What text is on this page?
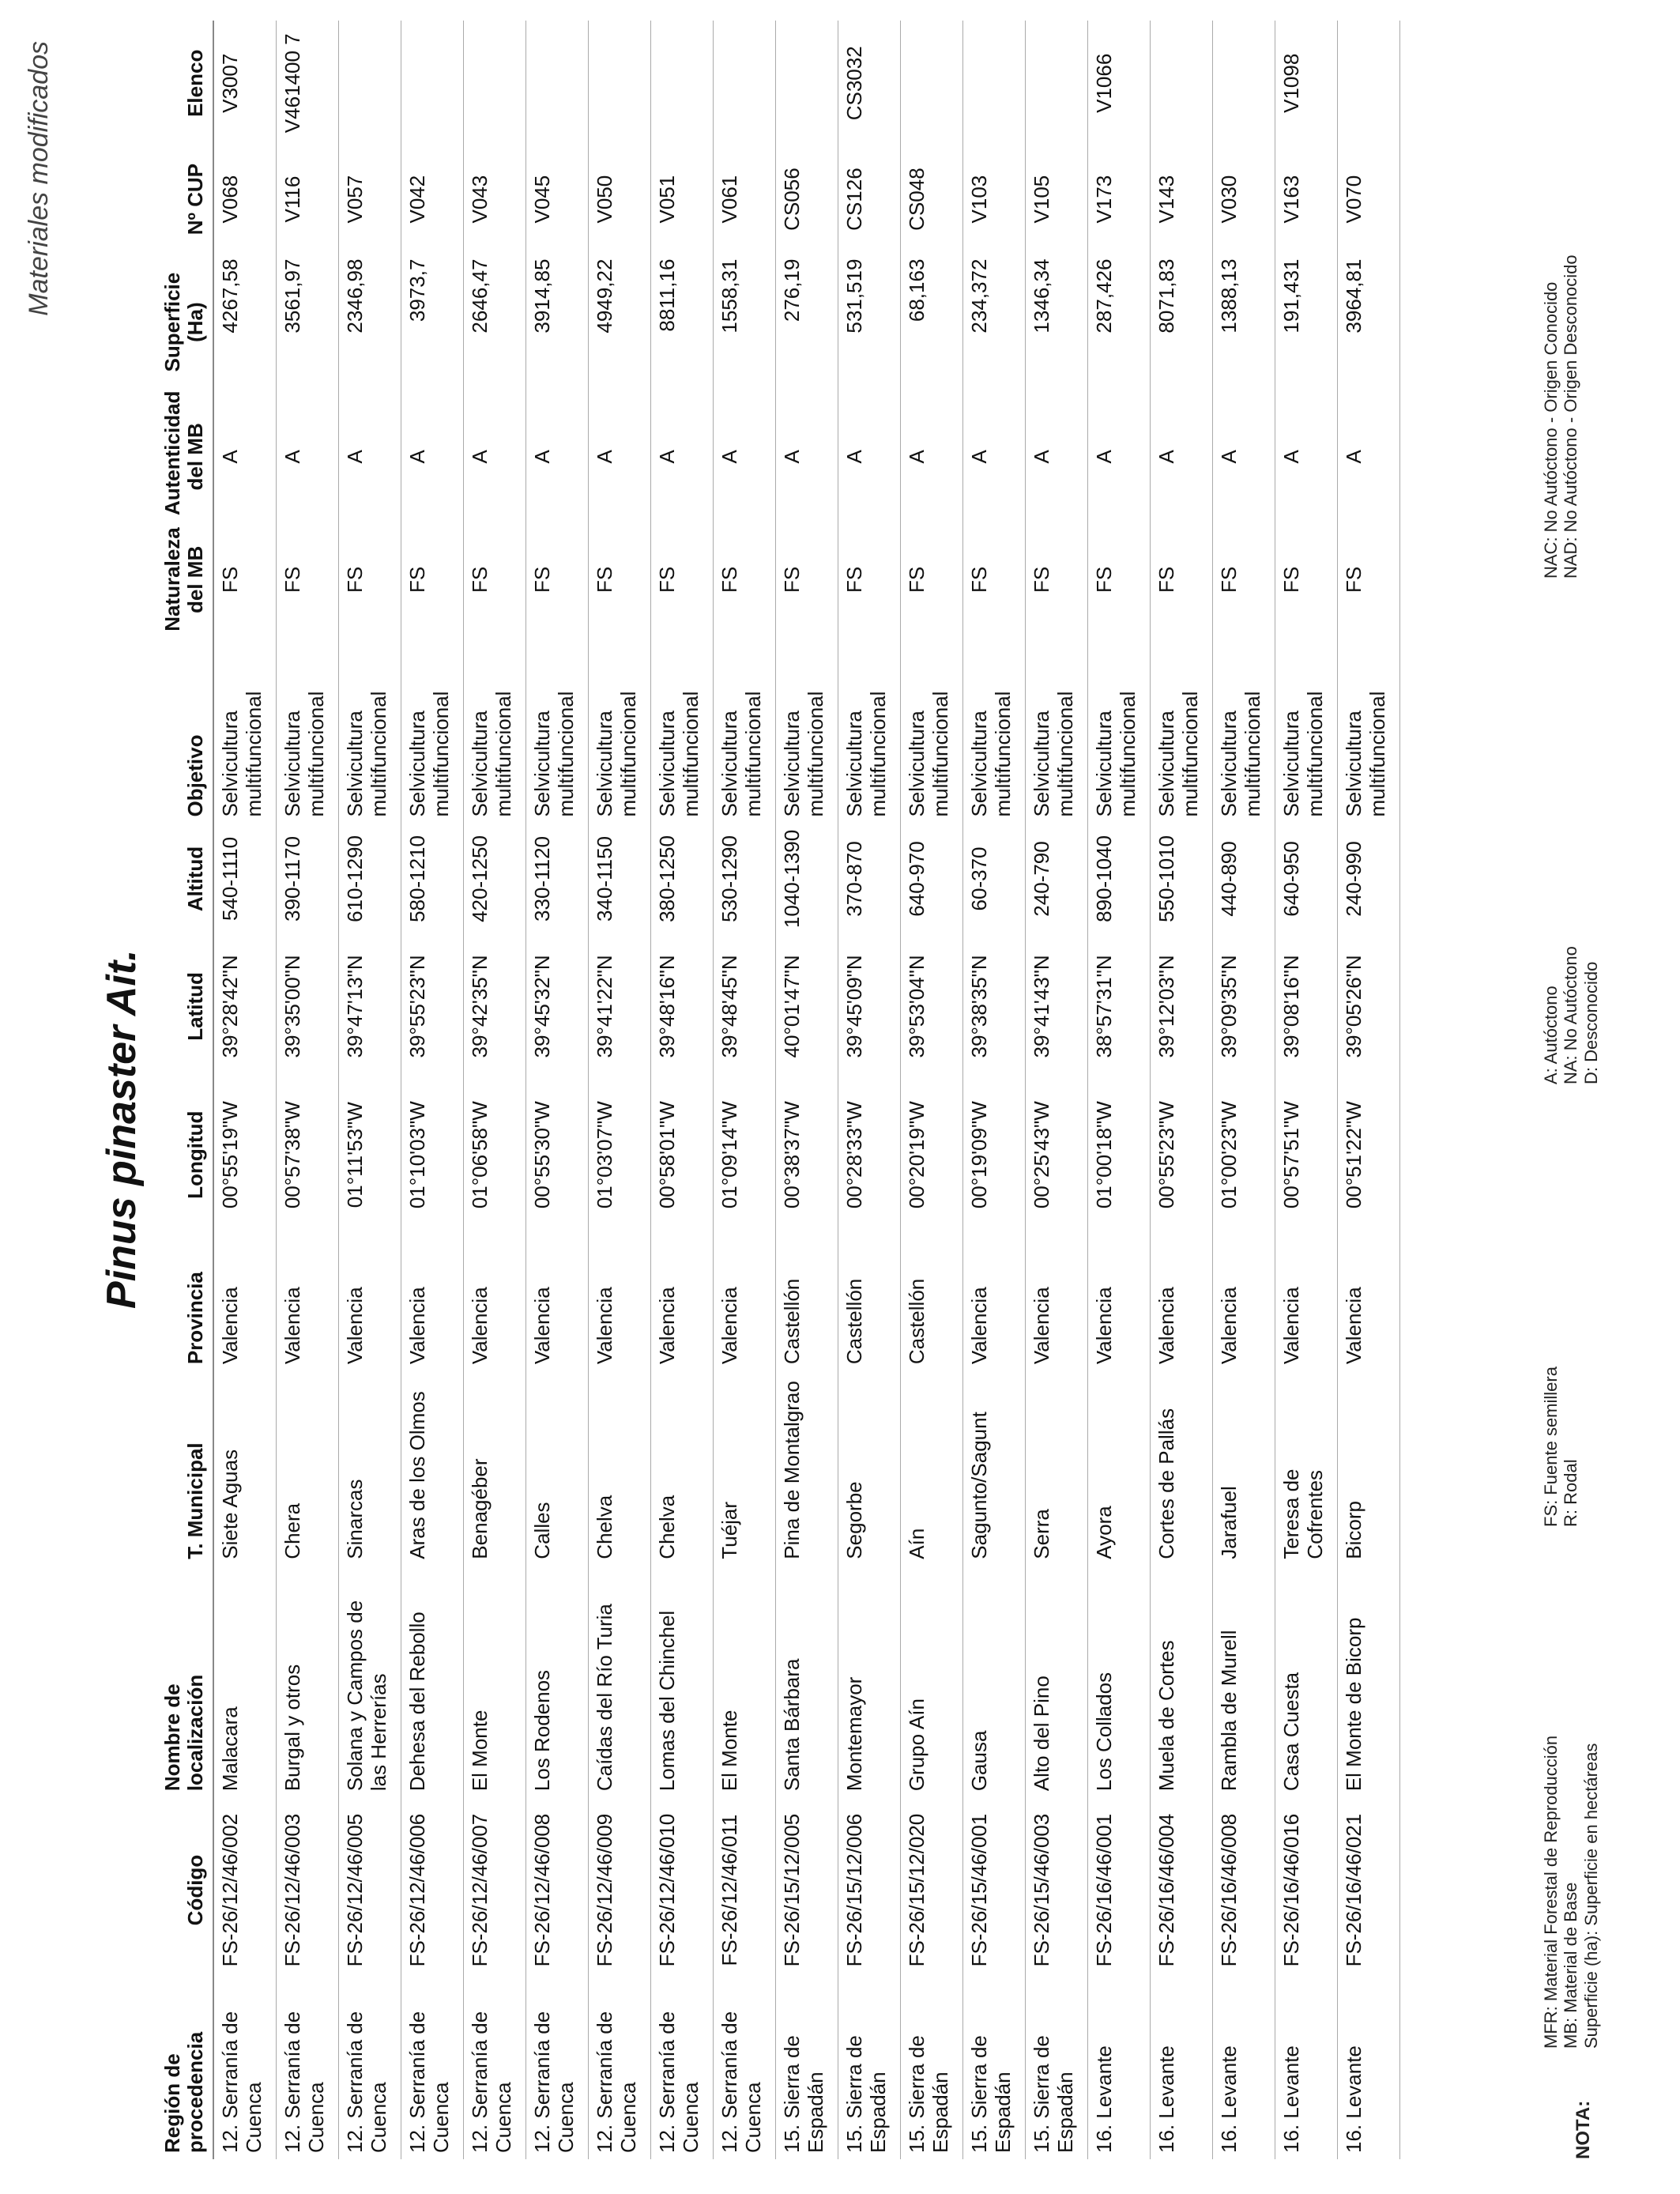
Materiales modificados
Pinus pinaster Ait.
Región de procedencia	Código	Nombre de localización	T. Municipal	Provincia	Longitud	Latitud	Altitud	Objetivo	Naturaleza del MB	Autenticidad del MB	Superficie (Ha)	Nº CUP	Elenco
12. Serranía de Cuenca	FS-26/12/46/002	Malacara	Siete Aguas	Valencia	00°55'19"W	39°28'42"N	540-1110	Selvicultura multifuncional	FS	A	4267,58	V068	V3007
12. Serranía de Cuenca	FS-26/12/46/003	Burgal y otros	Chera	Valencia	00°57'38"W	39°35'00"N	390-1170	Selvicultura multifuncional	FS	A	3561,97	V116	V461400 7
12. Serranía de Cuenca	FS-26/12/46/005	Solana y Campos de las Herrerías	Sinarcas	Valencia	01°11'53"W	39°47'13"N	610-1290	Selvicultura multifuncional	FS	A	2346,98	V057	
12. Serranía de Cuenca	FS-26/12/46/006	Dehesa del Rebollo	Aras de los Olmos	Valencia	01°10'03"W	39°55'23"N	580-1210	Selvicultura multifuncional	FS	A	3973,7	V042	
12. Serranía de Cuenca	FS-26/12/46/007	El Monte	Benagéber	Valencia	01°06'58"W	39°42'35"N	420-1250	Selvicultura multifuncional	FS	A	2646,47	V043	
12. Serranía de Cuenca	FS-26/12/46/008	Los Rodenos	Calles	Valencia	00°55'30"W	39°45'32"N	330-1120	Selvicultura multifuncional	FS	A	3914,85	V045	
12. Serranía de Cuenca	FS-26/12/46/009	Caídas del Río Turia	Chelva	Valencia	01°03'07"W	39°41'22"N	340-1150	Selvicultura multifuncional	FS	A	4949,22	V050	
12. Serranía de Cuenca	FS-26/12/46/010	Lomas del Chinchel	Chelva	Valencia	00°58'01"W	39°48'16"N	380-1250	Selvicultura multifuncional	FS	A	8811,16	V051	
12. Serranía de Cuenca	FS-26/12/46/011	El Monte	Tuéjar	Valencia	01°09'14"W	39°48'45"N	530-1290	Selvicultura multifuncional	FS	A	1558,31	V061	
15. Sierra de Espadán	FS-26/15/12/005	Santa Bárbara	Pina de Montalgrao	Castellón	00°38'37"W	40°01'47"N	1040-1390	Selvicultura multifuncional	FS	A	276,19	CS056	
15. Sierra de Espadán	FS-26/15/12/006	Montemayor	Segorbe	Castellón	00°28'33"W	39°45'09"N	370-870	Selvicultura multifuncional	FS	A	531,519	CS126	CS3032
15. Sierra de Espadán	FS-26/15/12/020	Grupo Aín	Aín	Castellón	00°20'19"W	39°53'04"N	640-970	Selvicultura multifuncional	FS	A	68,163	CS048	
15. Sierra de Espadán	FS-26/15/46/001	Gausa	Sagunto/Sagunt	Valencia	00°19'09"W	39°38'35"N	60-370	Selvicultura multifuncional	FS	A	234,372	V103	
15. Sierra de Espadán	FS-26/15/46/003	Alto del Pino	Serra	Valencia	00°25'43"W	39°41'43"N	240-790	Selvicultura multifuncional	FS	A	1346,34	V105	
16. Levante	FS-26/16/46/001	Los Collados	Ayora	Valencia	01°00'18"W	38°57'31"N	890-1040	Selvicultura multifuncional	FS	A	287,426	V173	V1066
16. Levante	FS-26/16/46/004	Muela de Cortes	Cortes de Pallás	Valencia	00°55'23"W	39°12'03"N	550-1010	Selvicultura multifuncional	FS	A	8071,83	V143	
16. Levante	FS-26/16/46/008	Rambla de Murell	Jarafuel	Valencia	01°00'23"W	39°09'35"N	440-890	Selvicultura multifuncional	FS	A	1388,13	V030	
16. Levante	FS-26/16/46/016	Casa Cuesta	Teresa de Cofrentes	Valencia	00°57'51"W	39°08'16"N	640-950	Selvicultura multifuncional	FS	A	191,431	V163	V1098
16. Levante	FS-26/16/46/021	El Monte de Bicorp	Bicorp	Valencia	00°51'22"W	39°05'26"N	240-990	Selvicultura multifuncional	FS	A	3964,81	V070	
NOTA:
MFR: Material Forestal de Reproducción MB: Material de Base Superficie (ha): Superficie en hectáreas
FS: Fuente semillera R: Rodal
A: Autóctono NA: No Autóctono D: Desconocido
NAC: No Autóctono - Origen Conocido NAD: No Autóctono - Origen Desconocido
